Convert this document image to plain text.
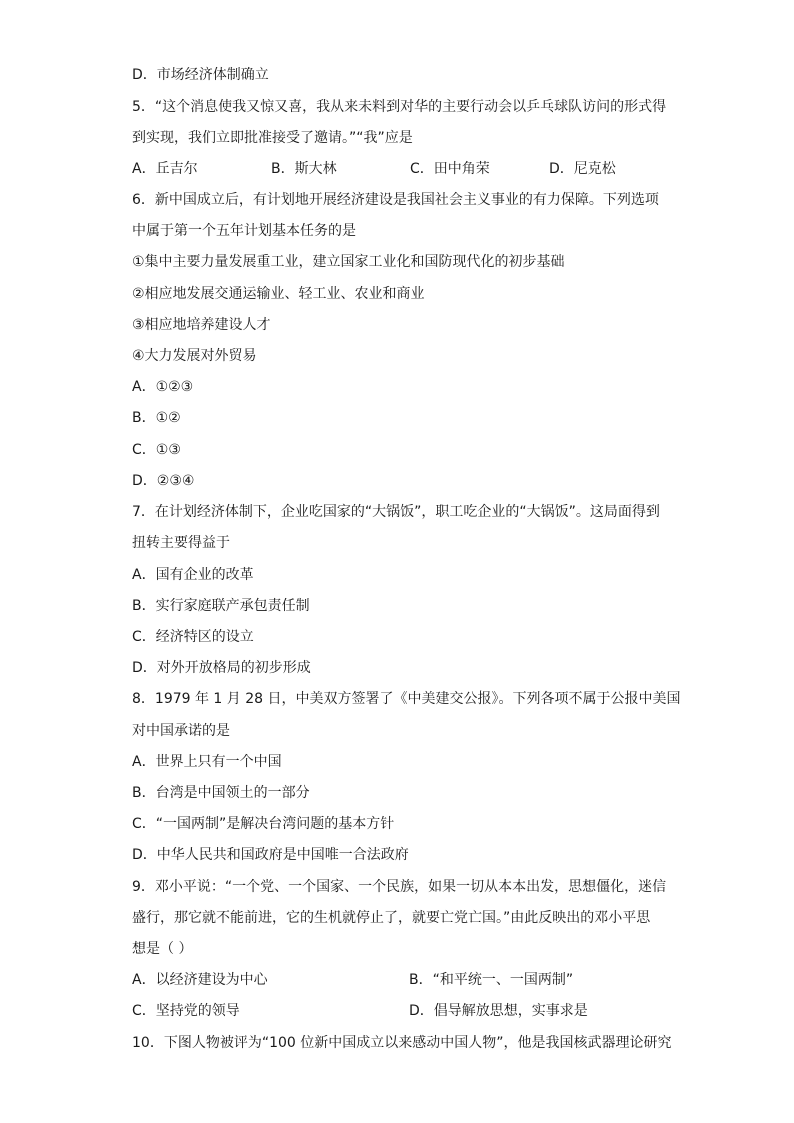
D．市场经济体制确立
5．“这个消息使我又惊又喜，我从来未料到对华的主要行动会以乒乓球队访问的形式得
到实现，我们立即批准接受了邀请。”“我”应是
A．丘吉尔	B．斯大林	C．田中角荣	D．尼克松
6．新中国成立后，有计划地开展经济建设是我国社会主义事业的有力保障。下列选项
中属于第一个五年计划基本任务的是
①集中主要力量发展重工业，建立国家工业化和国防现代化的初步基础
②相应地发展交通运输业、轻工业、农业和商业
③相应地培养建设人才
④大力发展对外贸易
A．①②③
B．①②
C．①③
D．②③④
7．在计划经济体制下，企业吃国家的“大锅饭”，职工吃企业的“大锅饭”。这局面得到
扭转主要得益于
A．国有企业的改革
B．实行家庭联产承包责任制
C．经济特区的设立
D．对外开放格局的初步形成
8．1979 年 1 月 28 日，中美双方签署了《中美建交公报》。下列各项不属于公报中美国
对中国承诺的是
A．世界上只有一个中国
B．台湾是中国领土的一部分
C．“一国两制”是解决台湾问题的基本方针
D．中华人民共和国政府是中国唯一合法政府
9．邓小平说：“一个党、一个国家、一个民族，如果一切从本本出发，思想僵化，迷信
盛行，那它就不能前进，它的生机就停止了，就要亡党亡国。”由此反映出的邓小平思
想是（ ）
A．以经济建设为中心	B．“和平统一、一国两制”
C．坚持党的领导	D．倡导解放思想，实事求是
10．下图人物被评为“100 位新中国成立以来感动中国人物”，他是我国核武器理论研究
